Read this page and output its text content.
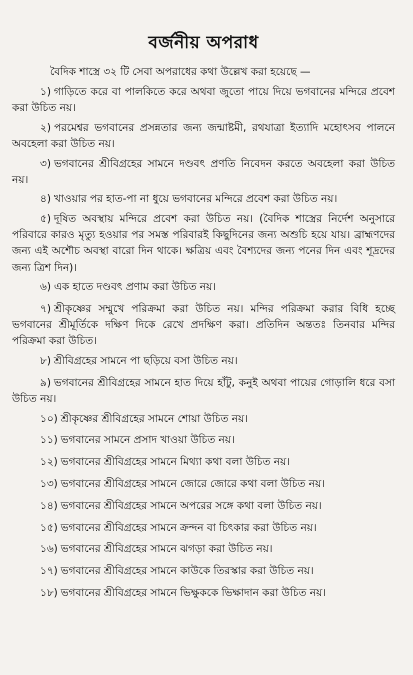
বর্জনীয় অপরাধ
বৈদিক শাস্ত্রে ৩২ টি সেবা অপরাধের কথা উল্লেখ করা হয়েছে —
১) গাড়িতে করে বা পালকিতে করে অথবা জুতো পায়ে দিয়ে ভগবানের মন্দিরে প্রবেশ করা উচিত নয়।
২) পরমেশ্বর ভগবানের প্রসন্নতার জন্য জন্মাষ্টমী, রথযাত্রা ইত্যাদি মহোৎসব পালনে অবহেলা করা উচিত নয়।
৩) ভগবানের শ্রীবিগ্রহের সামনে দণ্ডবৎ প্রণতি নিবেদন করতে অবহেলা করা উচিত নয়।
৪) খাওয়ার পর হাত-পা না ধুয়ে ভগবানের মন্দিরে প্রবেশ করা উচিত নয়।
৫) দূষিত অবস্থায় মন্দিরে প্রবেশ করা উচিত নয়। (বৈদিক শাস্ত্রের নির্দেশ অনুসারে পরিবারে কারও মৃত্যু হওয়ার পর সমস্ত পরিবারই কিছুদিনের জন্য অশুচি হয়ে যায়। ব্রাহ্মণদের জন্য এই অশৌচ অবস্থা বারো দিন থাকে। ক্ষত্রিয় এবং বৈশ্যদের জন্য পনের দিন এবং শূদ্রদের জন্য ত্রিশ দিন)।
৬) এক হাতে দণ্ডবৎ প্রণাম করা উচিত নয়।
৭) শ্রীকৃষ্ণের সম্মুখে পরিক্রমা করা উচিত নয়। মন্দির পরিক্রমা করার বিধি হচ্ছে ভগবানের শ্রীমূর্তিকে দক্ষিণ দিকে রেখে প্রদক্ষিণ করা। প্রতিদিন অন্ততঃ তিনবার মন্দির পরিক্রমা করা উচিত।
৮) শ্রীবিগ্রহের সামনে পা ছড়িয়ে বসা উচিত নয়।
৯) ভগবানের শ্রীবিগ্রহের সামনে হাত দিয়ে হাঁটু, কনুই অথবা পায়ের গোড়ালি ধরে বসা উচিত নয়।
১০) শ্রীকৃষ্ণের শ্রীবিগ্রহের সামনে শোয়া উচিত নয়।
১১) ভগবানের সামনে প্রসাদ খাওয়া উচিত নয়।
১২) ভগবানের শ্রীবিগ্রহের সামনে মিথ্যা কথা বলা উচিত নয়।
১৩) ভগবানের শ্রীবিগ্রহের সামনে জোরে জোরে কথা বলা উচিত নয়।
১৪) ভগবানের শ্রীবিগ্রহের সামনে অপরের সঙ্গে কথা বলা উচিত নয়।
১৫) ভগবানের শ্রীবিগ্রহের সামনে ক্রন্দন বা চিৎকার করা উচিত নয়।
১৬) ভগবানের শ্রীবিগ্রহের সামনে ঝগড়া করা উচিত নয়।
১৭) ভগবানের শ্রীবিগ্রহের সামনে কাউকে তিরস্কার করা উচিত নয়।
১৮) ভগবানের শ্রীবিগ্রহের সামনে ভিক্ষুককে ভিক্ষাদান করা উচিত নয়।
